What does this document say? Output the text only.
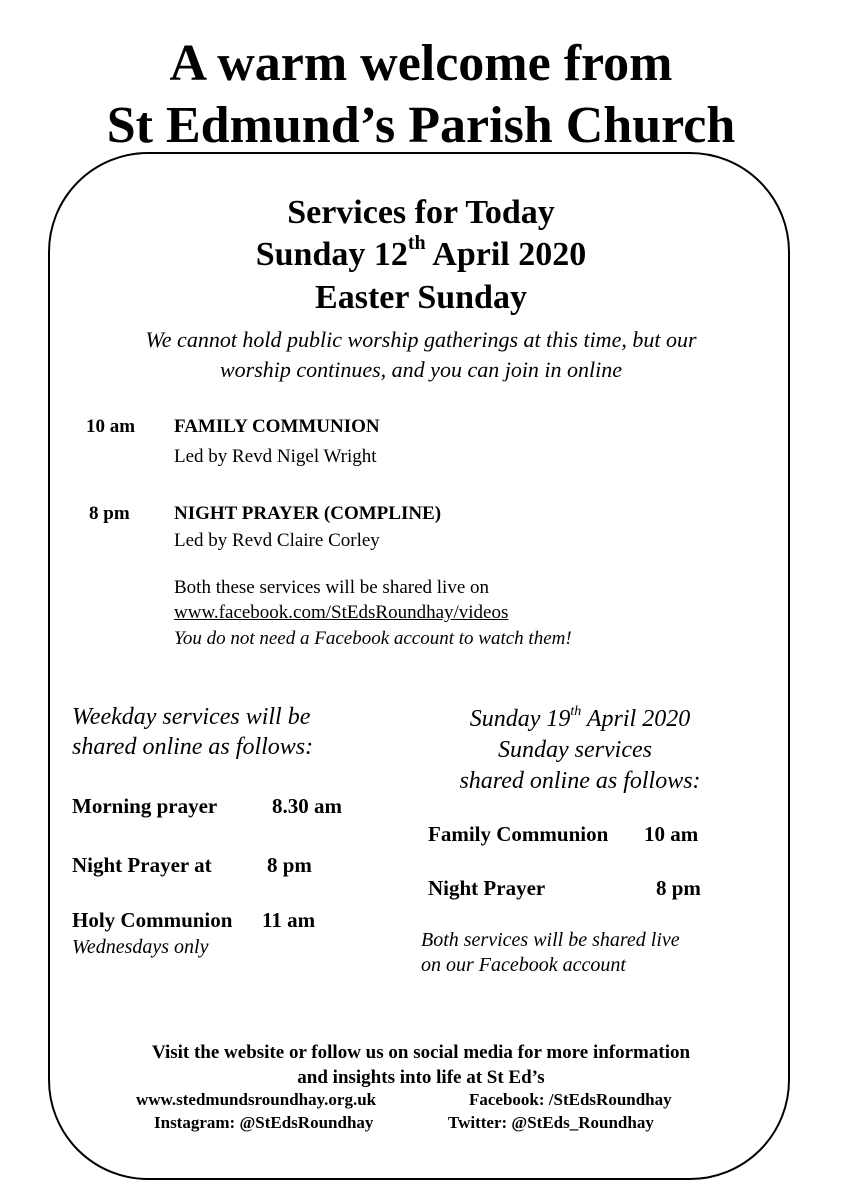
A warm welcome from
St Edmund’s Parish Church
Services for Today
Sunday 12th April 2020
Easter Sunday
We cannot hold public worship gatherings at this time, but our
worship continues, and you can join in online
10 am FAMILY COMMUNION
Led by Revd Nigel Wright
8 pm NIGHT PRAYER (COMPLINE)
Led by Revd Claire Corley
Both these services will be shared live on
www.facebook.com/StEdsRoundhay/videos
You do not need a Facebook account to watch them!
Weekday services will be
shared online as follows:
Morning prayer	8.30 am
Night Prayer at	8 pm
Holy Communion 11 am
Wednesdays only
Sunday 19th April 2020
Sunday services
shared online as follows:
Family Communion 10 am
Night Prayer	8 pm
Both services will be shared live
on our Facebook account
Visit the website or follow us on social media for more information
and insights into life at St Ed’s
www.stedmundsroundhay.org.uk	Facebook: /StEdsRoundhay
Instagram: @StEdsRoundhay	Twitter: @StEds_Roundhay
